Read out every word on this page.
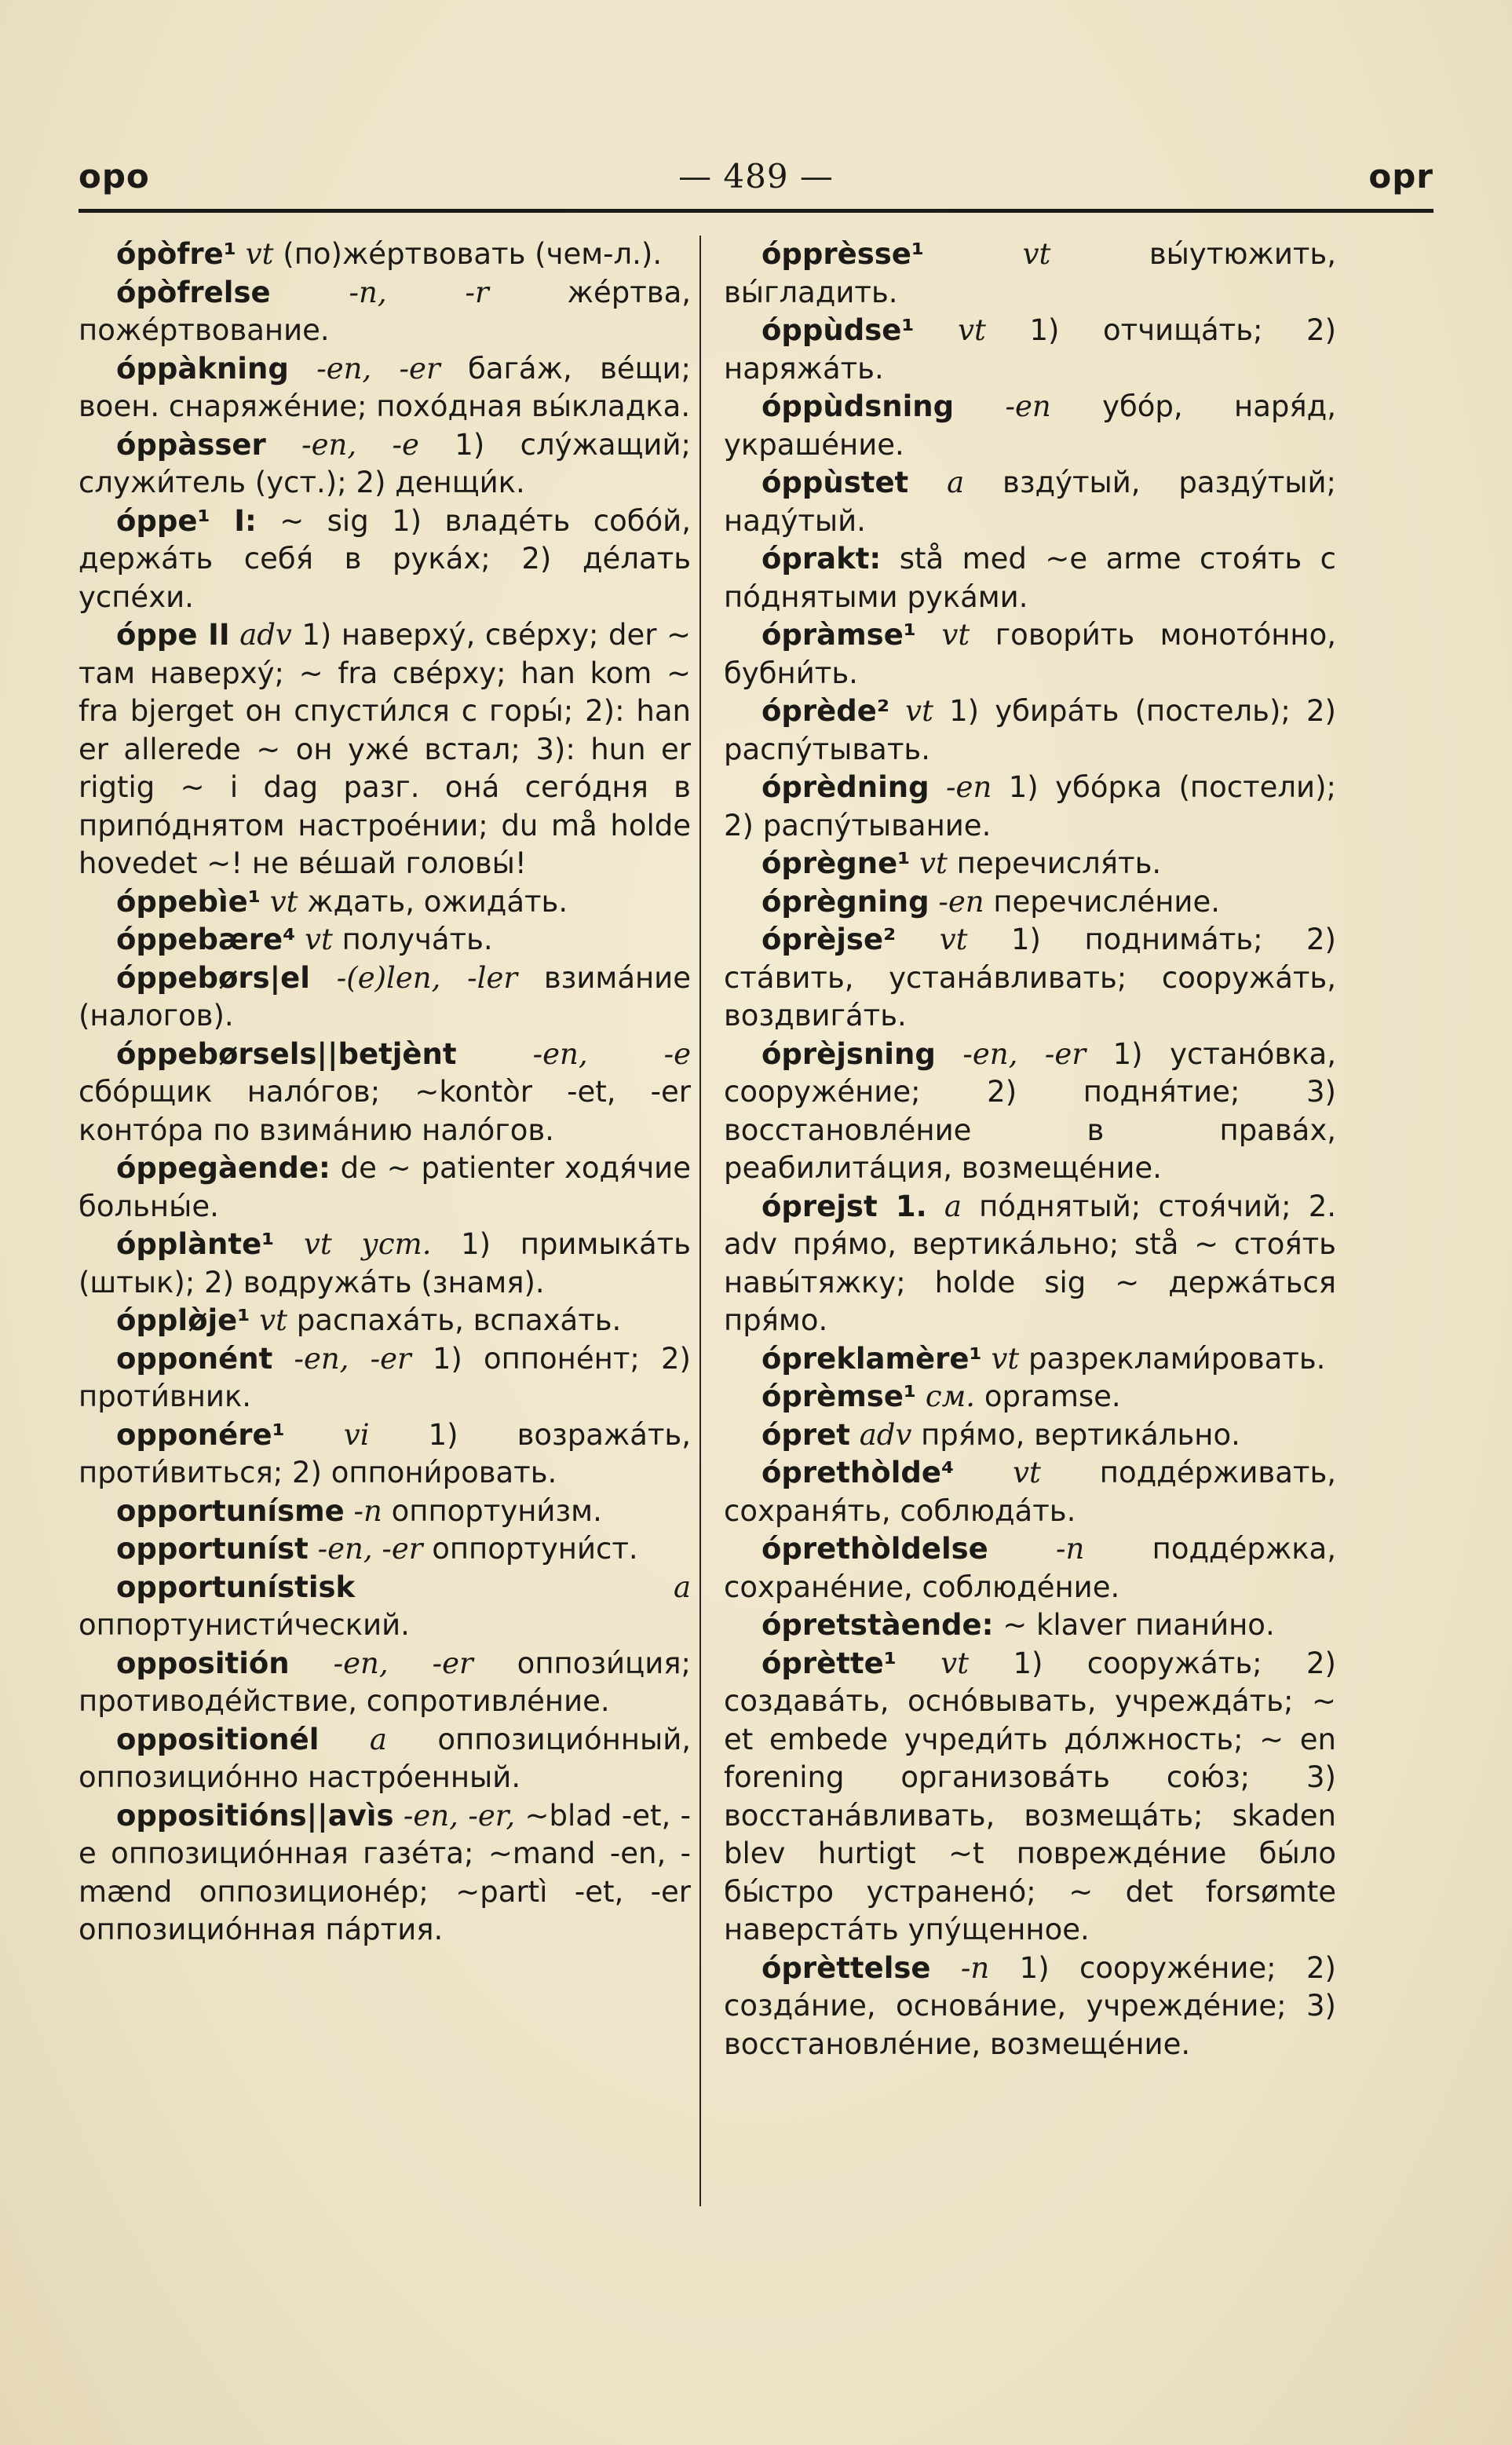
opo	— 489 —	opr

ópòfre¹ vt (по)жéртвовать (чем-л.).

ópòfrelse	-n, -r жéртва, пожéртвование.

óppàkning -en, -er багáж, вéщи; воен. снаряжéние; похóдная вы́кладка.

óppàsser -en, -e 1) слýжащий; служи́тель (уст.); 2) денщи́к.

óppe¹ I: ~ sig 1) владéть собóй, держáть себя́ в рукáх; 2) дéлать успéхи.

óppe II adv 1) наверхý, свéрху; der ~ там наверхý; ~ fra свéрху; han kom ~ fra bjerget он спусти́лся с горы́; 2): han er allerede ~ он ужé встал; 3): hun er rigtig ~ i dag разг. онá сегóдня в припóднятом настроéнии; du må holde hovedet ~! не вéшай головы́!

óppebìe¹ vt ждать, ожидáть.

óppebære⁴ vt получáть.

óppebørs|el -(e)len, -ler взимáние (налогов).

óppebørsels||betjènt	-en, -e сбóрщик налóгов; ~kontòr -et, -er контóра по взимáнию налóгов.

óppegàende: de ~ patienter ходя́чие больны́е.

óppl​ànte¹ vt уст. 1) примыкáть (штык); 2) водружáть (знамя).

ópplø̀je¹ vt распахáть, вспахáть.

opponént -en, -er 1) оппонéнт; 2) проти́вник.

opponére¹ vi 1) возражáть, проти́виться; 2) оппони́ровать.

opportunísme -n оппортуни́зм.

opportuníst -en, -er оппортуни́ст.

opportunístisk	a оппортунисти́ческий.

oppositión -en, -er оппози́ция; противодéйствие, сопротивлéние.

oppositionél a оппозициóнный, оппозициóнно настрóенный.

oppositións||avìs -en, -er, ~blad -et, -e оппозициóнная газéта; ~mand -en, -mænd оппозиционéр; ~partì -et, -er оппозициóнная пáртия.

óppr​èsse¹	vt вы́утюжить, вы́гладить.

óppùdse¹ vt 1) отчищáть; 2) наряжáть.

óppùdsning -en убóр, наря́д, украшéние.

óppùstet a вздýтый, раздýтый; надýтый.

óprakt: stå med ~e arme стоя́ть с пóднятыми рукáми.

ópràmse¹ vt говори́ть монотóнно, бубни́ть.

óprède² vt 1) убирáть (постель); 2) распýтывать.

óprèdning -en 1) убóрка (постели); 2) распýтывание.

óprègne¹ vt перечисля́ть.

óprègning -en перечислéние.

óprèjse² vt 1) поднимáть; 2) стáвить, устанáвливать; сооружáть, воздвигáть.

óprèjsning -en, -er 1) устанóвка, сооружéние; 2) подня́тие; 3) восстановлéние в правáх, реабилитáция, возмещéние.

óprejst 1. a пóднятый; стоя́чий; 2. adv пря́мо, вертикáльно; stå ~ стоя́ть навы́тяжку; holde sig ~ держáться пря́мо.

ópreklamère¹ vt разреклами́ровать.

óprèmse¹ см. opramse.

ópret adv пря́мо, вертикáльно.

óprethòlde⁴ vt поддéрживать, сохраня́ть, соблюдáть.

óprethòldelse -n поддéржка, сохранéние, соблюдéние.

ópretstàende: ~ klaver пиани́но.

óprètte¹ vt 1) сооружáть; 2) создавáть, оснóвывать, учреждáть; ~ et embede учреди́ть дóлжность; ~ en forening организовáть сою́з; 3) восстанáвливать, возмещáть; skaden blev hurtigt ~t повреждéние бы́ло бы́стро устраненó; ~ det forsømte наверстáть упýщенное.

óprèttelse -n 1) сооружéние; 2) создáние, оснoвáние, учреждéние; 3) восстановлéние, возмещéние.
